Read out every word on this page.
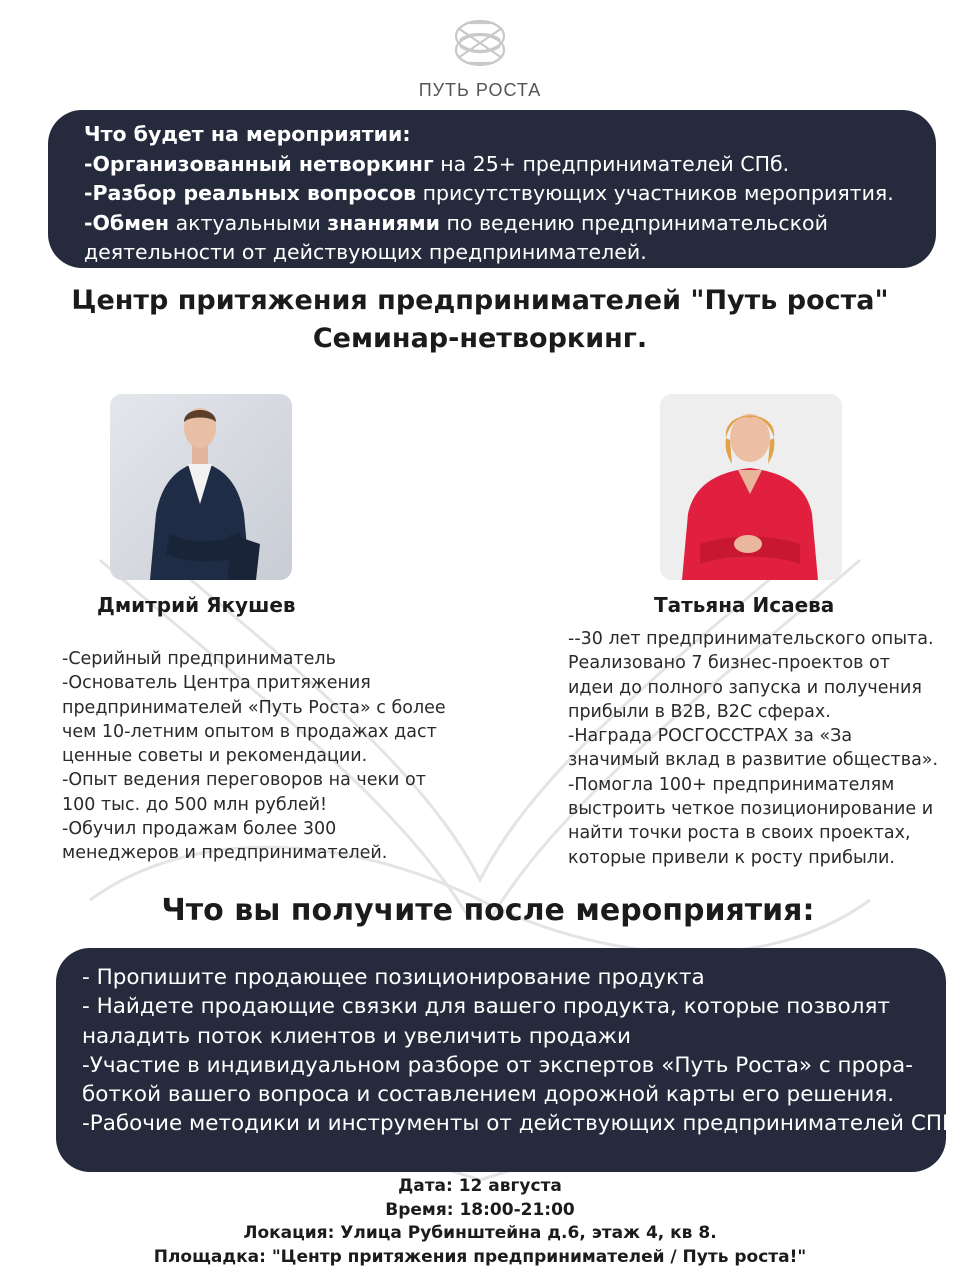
ПУТЬ РОСТА
Что будет на мероприятии:
-Организованный нетворкинг на 25+ предпринимателей СПб.
-Разбор реальных вопросов присутствующих участников мероприятия.
-Обмен актуальными знаниями по ведению предпринимательской
деятельности от действующих предпринимателей.
Центр притяжения предпринимателей "Путь роста"
Семинар-нетворкинг.
Дмитрий Якушев	Татьяна Исаева
-Серийный предприниматель
-Основатель Центра притяжения
предпринимателей «Путь Роста» с более
чем 10-летним опытом в продажах даст
ценные советы и рекомендации.
-Опыт ведения переговоров на чеки от
100 тыс. до 500 млн рублей!
-Обучил продажам более 300
менеджеров и предпринимателей.
--30 лет предпринимательского опыта.
Реализовано 7 бизнес-проектов от
идеи до полного запуска и получения
прибыли в В2В, В2С сферах.
-Награда РОСГОССТРАХ за «За
значимый вклад в развитие общества».
-Помогла 100+ предпринимателям
выстроить четкое позиционирование и
найти точки роста в своих проектах,
которые привели к росту прибыли.
Что вы получите после мероприятия:
- Пропишите продающее позиционирование продукта
- Найдете продающие связки для вашего продукта, которые позволят
наладить поток клиентов и увеличить продажи
-Участие в индивидуальном разборе от экспертов «Путь Роста» с прора-
боткой вашего вопроса и составлением дорожной карты его решения.
-Рабочие методики и инструменты от действующих предпринимателей СПБ
Дата: 12 августа
Время: 18:00-21:00
Локация: Улица Рубинштейна д.6, этаж 4, кв 8.
Площадка: "Центр притяжения предпринимателей / Путь роста!"
